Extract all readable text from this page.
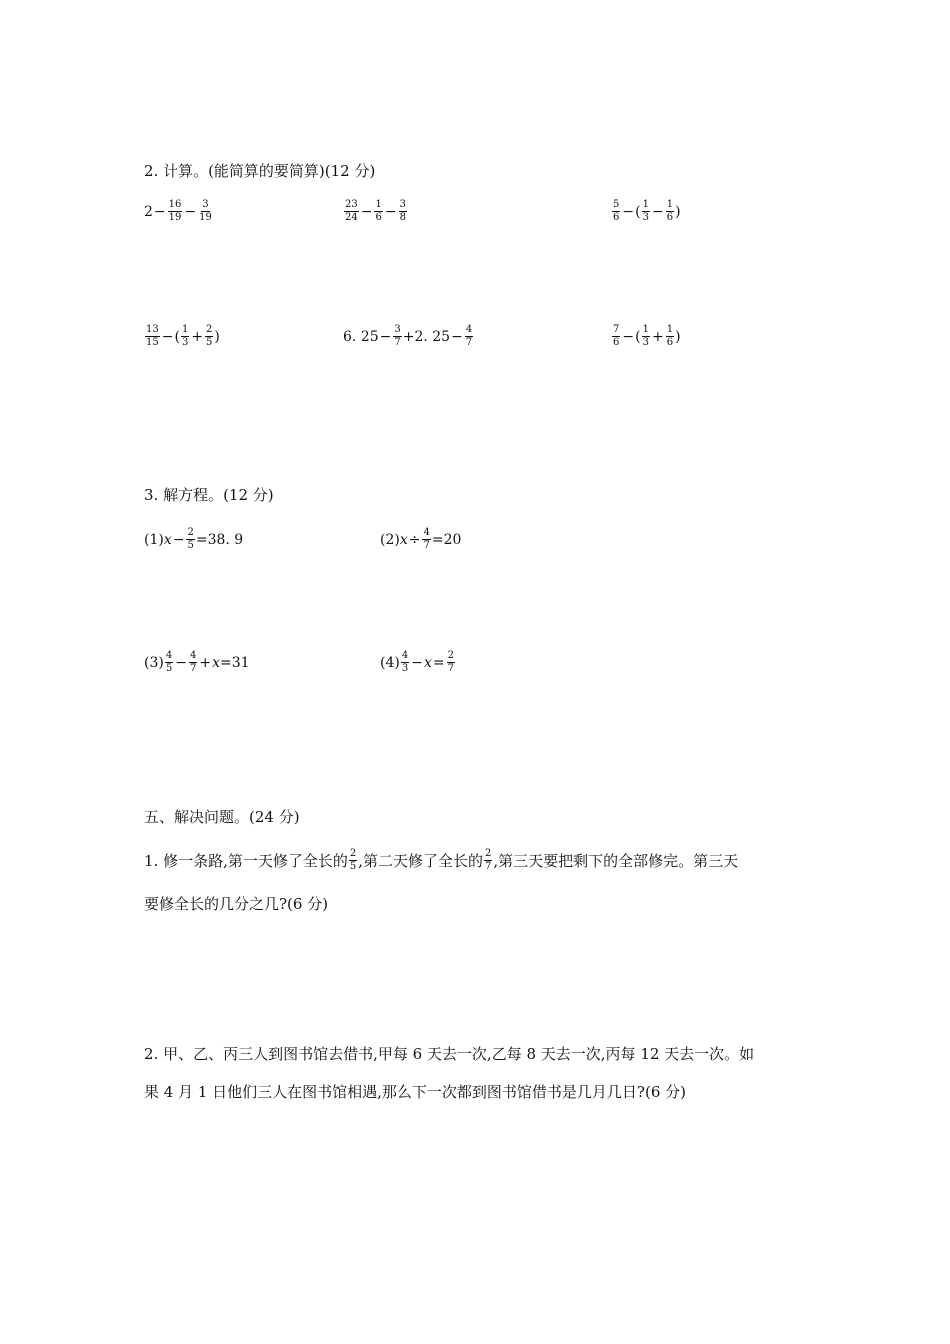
2. 计算。(能简算的要简算)(12 分)
$2 - \frac{16}{19} - \frac{3}{19}$	$\frac{23}{24} - \frac{1}{6} - \frac{3}{8}$	$\frac{5}{6}$ − ( $\frac{1}{3} - \frac{1}{6}$ )
$\frac{13}{15}$ − ( $\frac{1}{3} + \frac{2}{5}$ )	6. $25 - \frac{3}{7} +2$. $25 - \frac{4}{7}$	$\frac{7}{6}$ − ( $\frac{1}{3} + \frac{1}{6}$ )
3. 解方程。(12 分)
(1) $x - \frac{2}{5} =38$. 9	(2) $x \div \frac{4}{7} =20$
$(3) \frac{4}{5} - \frac{4}{7} + x =31$	$(4) \frac{4}{3} - x = \frac{2}{7}$
五、解决问题。(24 分)
1. 修一条路,第一天修了全长的 $\frac{2}{5}$ ,第二天修了全长的 $\frac{2}{7}$ ,第三天要把剩下的全部修完。第三天
要修全长的几分之几?(6 分)
2. 甲、乙、丙三人到图书馆去借书,甲每 6 天去一次,乙每 8 天去一次,丙每 12 天去一次。如
果 4 月 1 日他们三人在图书馆相遇,那么下一次都到图书馆借书是几月几日?(6 分)
